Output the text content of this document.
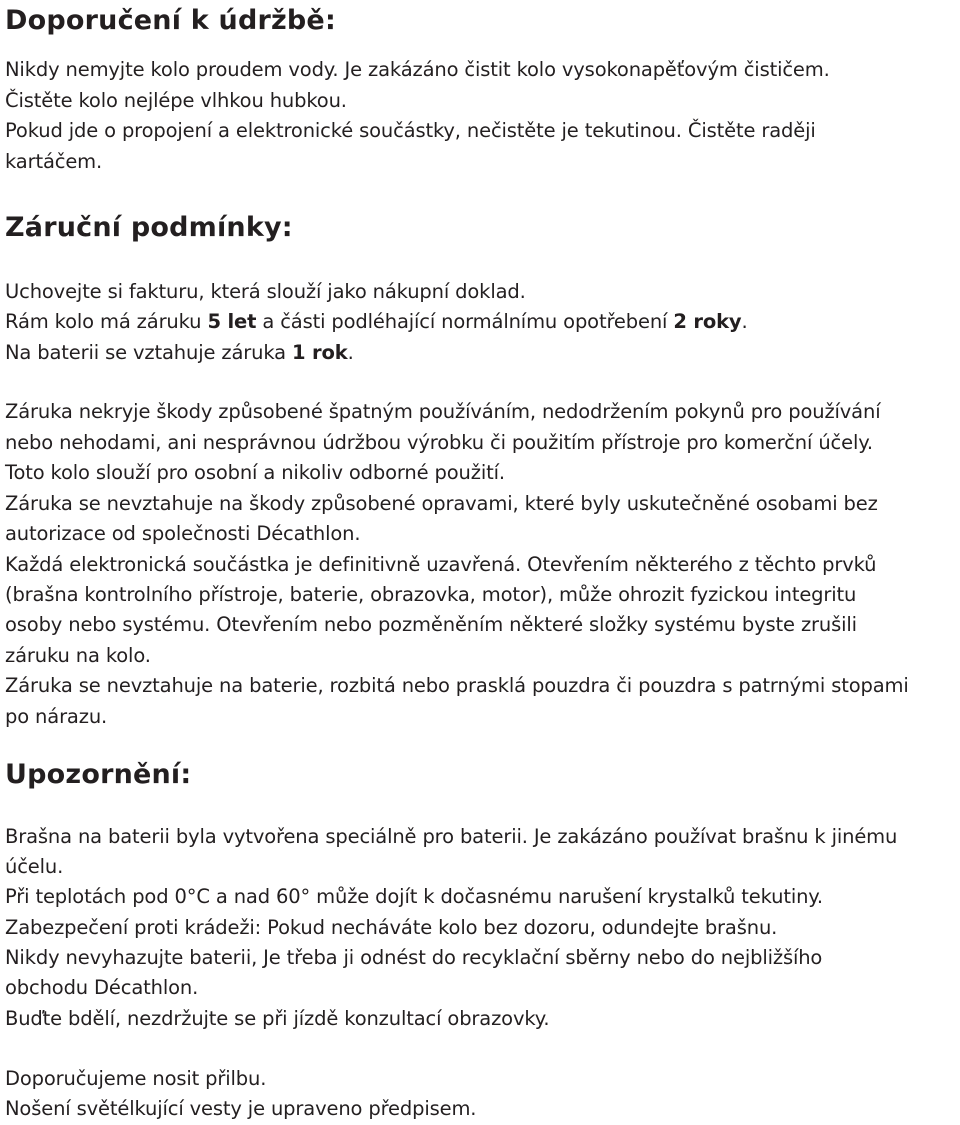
Doporučení k údržbě:
Nikdy nemyjte kolo proudem vody. Je zakázáno čistit kolo vysokonapěťovým čističem.
Čistěte kolo nejlépe vlhkou hubkou.
Pokud jde o propojení a elektronické součástky, nečistěte je tekutinou. Čistěte raději
kartáčem.
Záruční podmínky:
Uchovejte si fakturu, která slouží jako nákupní doklad.
Rám kolo má záruku 5 let a části podléhající normálnímu opotřebení 2 roky.
Na baterii se vztahuje záruka 1 rok.
Záruka nekryje škody způsobené špatným používáním, nedodržením pokynů pro používání
nebo nehodami, ani nesprávnou údržbou výrobku či použitím přístroje pro komerční účely.
Toto kolo slouží pro osobní a nikoliv odborné použití.
Záruka se nevztahuje na škody způsobené opravami, které byly uskutečněné osobami bez
autorizace od společnosti Décathlon.
Každá elektronická součástka je definitivně uzavřená. Otevřením některého z těchto prvků
(brašna kontrolního přístroje, baterie, obrazovka, motor), může ohrozit fyzickou integritu
osoby nebo systému. Otevřením nebo pozměněním některé složky systému byste zrušili
záruku na kolo.
Záruka se nevztahuje na baterie, rozbitá nebo prasklá pouzdra či pouzdra s patrnými stopami
po nárazu.
Upozornění:
Brašna na baterii byla vytvořena speciálně pro baterii. Je zakázáno používat brašnu k jinému
účelu.
Při teplotách pod 0°C a nad 60° může dojít k dočasnému narušení krystalků tekutiny.
Zabezpečení proti krádeži: Pokud necháváte kolo bez dozoru, odundejte brašnu.
Nikdy nevyhazujte baterii, Je třeba ji odnést do recyklační sběrny nebo do nejbližšího
obchodu Décathlon.
Buďte bdělí, nezdržujte se při jízdě konzultací obrazovky.
Doporučujeme nosit přilbu.
Nošení světélkující vesty je upraveno předpisem.
